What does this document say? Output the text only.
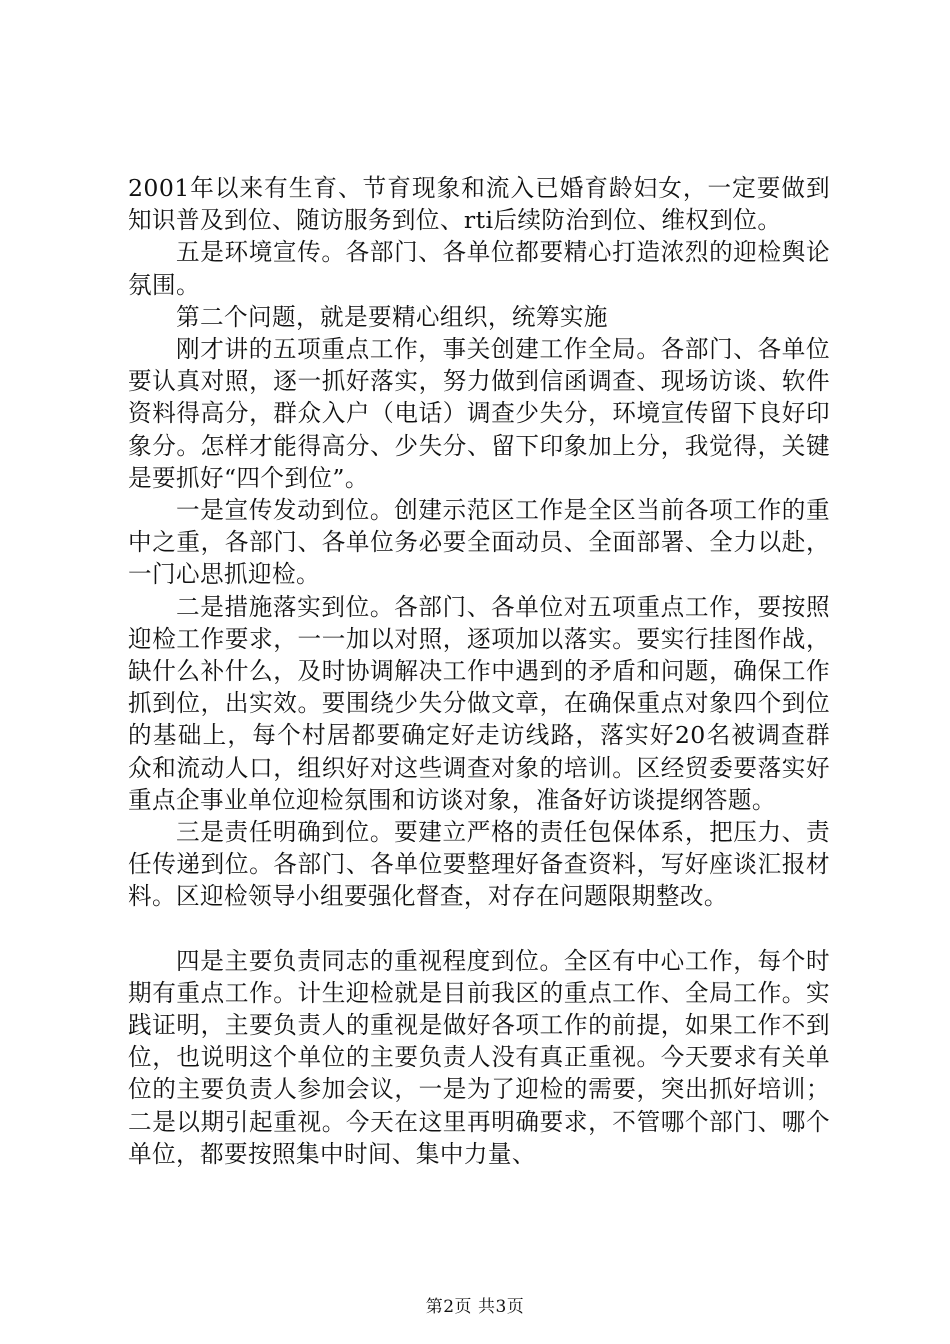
2001年以来有生育、节育现象和流入已婚育龄妇女，一定要做到知识普及到位、随访服务到位、rti后续防治到位、维权到位。

五是环境宣传。各部门、各单位都要精心打造浓烈的迎检舆论氛围。

第二个问题，就是要精心组织，统筹实施

刚才讲的五项重点工作，事关创建工作全局。各部门、各单位要认真对照，逐一抓好落实，努力做到信函调查、现场访谈、软件资料得高分，群众入户（电话）调查少失分，环境宣传留下良好印象分。怎样才能得高分、少失分、留下印象加上分，我觉得，关键是要抓好“四个到位”。

一是宣传发动到位。创建示范区工作是全区当前各项工作的重中之重，各部门、各单位务必要全面动员、全面部署、全力以赴，一门心思抓迎检。

二是措施落实到位。各部门、各单位对五项重点工作，要按照迎检工作要求，一一加以对照，逐项加以落实。要实行挂图作战，缺什么补什么，及时协调解决工作中遇到的矛盾和问题，确保工作抓到位，出实效。要围绕少失分做文章，在确保重点对象四个到位的基础上，每个村居都要确定好走访线路，落实好20名被调查群众和流动人口，组织好对这些调查对象的培训。区经贸委要落实好重点企事业单位迎检氛围和访谈对象，准备好访谈提纲答题。

三是责任明确到位。要建立严格的责任包保体系，把压力、责任传递到位。各部门、各单位要整理好备查资料，写好座谈汇报材料。区迎检领导小组要强化督查，对存在问题限期整改。

四是主要负责同志的重视程度到位。全区有中心工作，每个时期有重点工作。计生迎检就是目前我区的重点工作、全局工作。实践证明，主要负责人的重视是做好各项工作的前提，如果工作不到位，也说明这个单位的主要负责人没有真正重视。今天要求有关单位的主要负责人参加会议，一是为了迎检的需要，突出抓好培训；二是以期引起重视。今天在这里再明确要求，不管哪个部门、哪个单位，都要按照集中时间、集中力量、

第2页 共3页
